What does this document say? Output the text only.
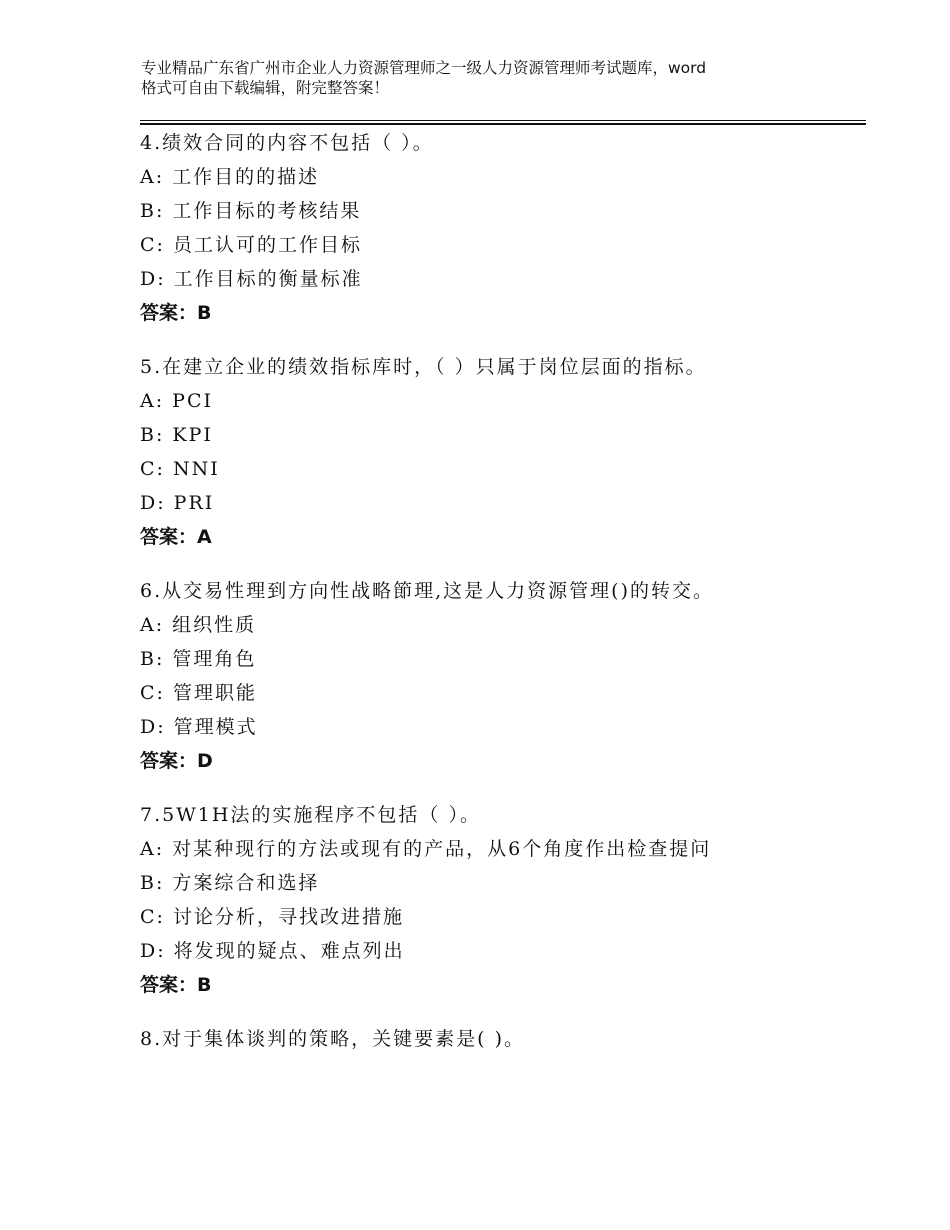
专业精品广东省广州市企业人力资源管理师之一级人力资源管理师考试题库，word
格式可自由下载编辑，附完整答案！
4.绩效合同的内容不包括（ ）。
A: 工作目的的描述
B: 工作目标的考核结果
C: 员工认可的工作目标
D: 工作目标的衡量标准
答案：B
5.在建立企业的绩效指标库时，（ ）只属于岗位层面的指标。
A: PCI
B: KPI
C: NNI
D: PRI
答案：A
6.从交易性理到方向性战略節理,这是人力资源管理()的转交。
A: 组织性质
B: 管理角色
C: 管理职能
D: 管理模式
答案：D
7.5W1H法的实施程序不包括（ ）。
A: 对某种现行的方法或现有的产品，从6个角度作出检查提问
B: 方案综合和选择
C: 讨论分析，寻找改进措施
D: 将发现的疑点、难点列出
答案：B
8.对于集体谈判的策略，关键要素是( )。
